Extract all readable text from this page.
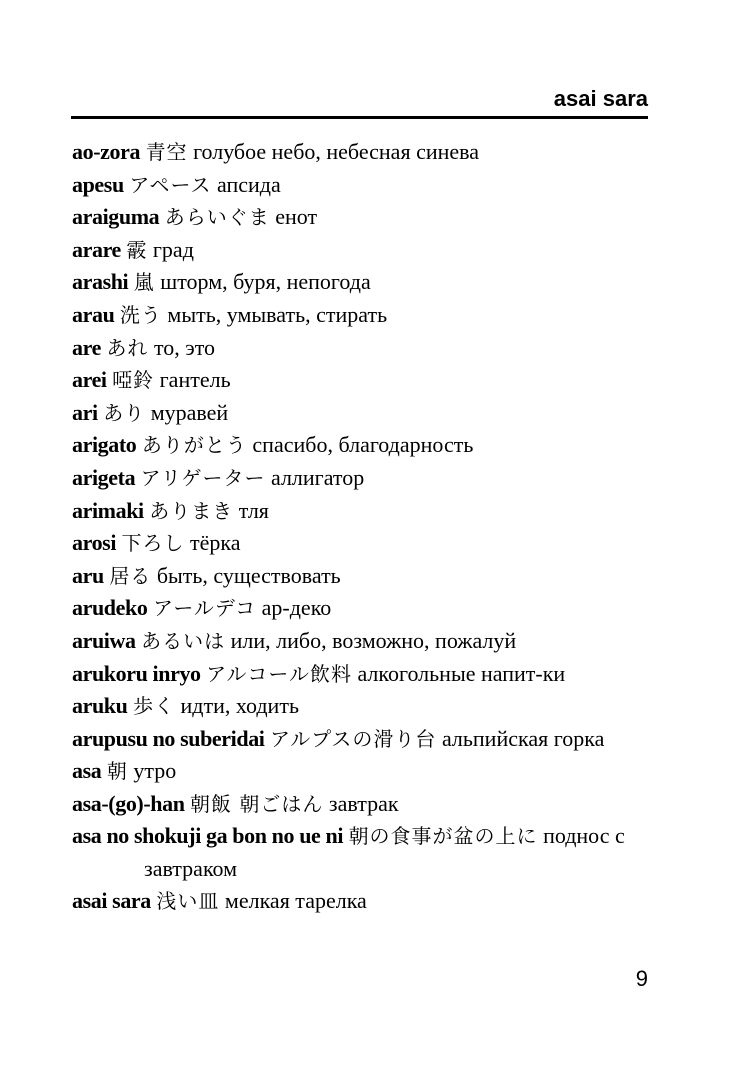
asai sara
ao-zora 青空 голубое небо, небесная синева
apesu アペース апсида
araiguma あらいぐま енот
arare 霰 град
arashi 嵐 шторм, буря, непогода
arau 洗う мыть, умывать, стирать
are あれ то, это
arei 啞鈴 гантель
ari あり муравей
arigato ありがとう спасибо, благодарность
arigeta アリゲーター аллигатор
arimaki ありまき тля
arosi 下ろし тёрка
aru 居る быть, существовать
arudeko アールデコ ар-деко
aruiwa あるいは или, либо, возможно, пожалуй
arukoru inryo アルコール飲料 алкогольные напит-ки
aruku 歩く идти, ходить
arupusu no suberidai アルプスの滑り台 альпийская горка
asa 朝 утро
asa-(go)-han 朝飯 朝ごはん завтрак
asa no shokuji ga bon no ue ni 朝の食事が盆の上に поднос с завтраком
asai sara 浅い皿 мелкая тарелка
9
